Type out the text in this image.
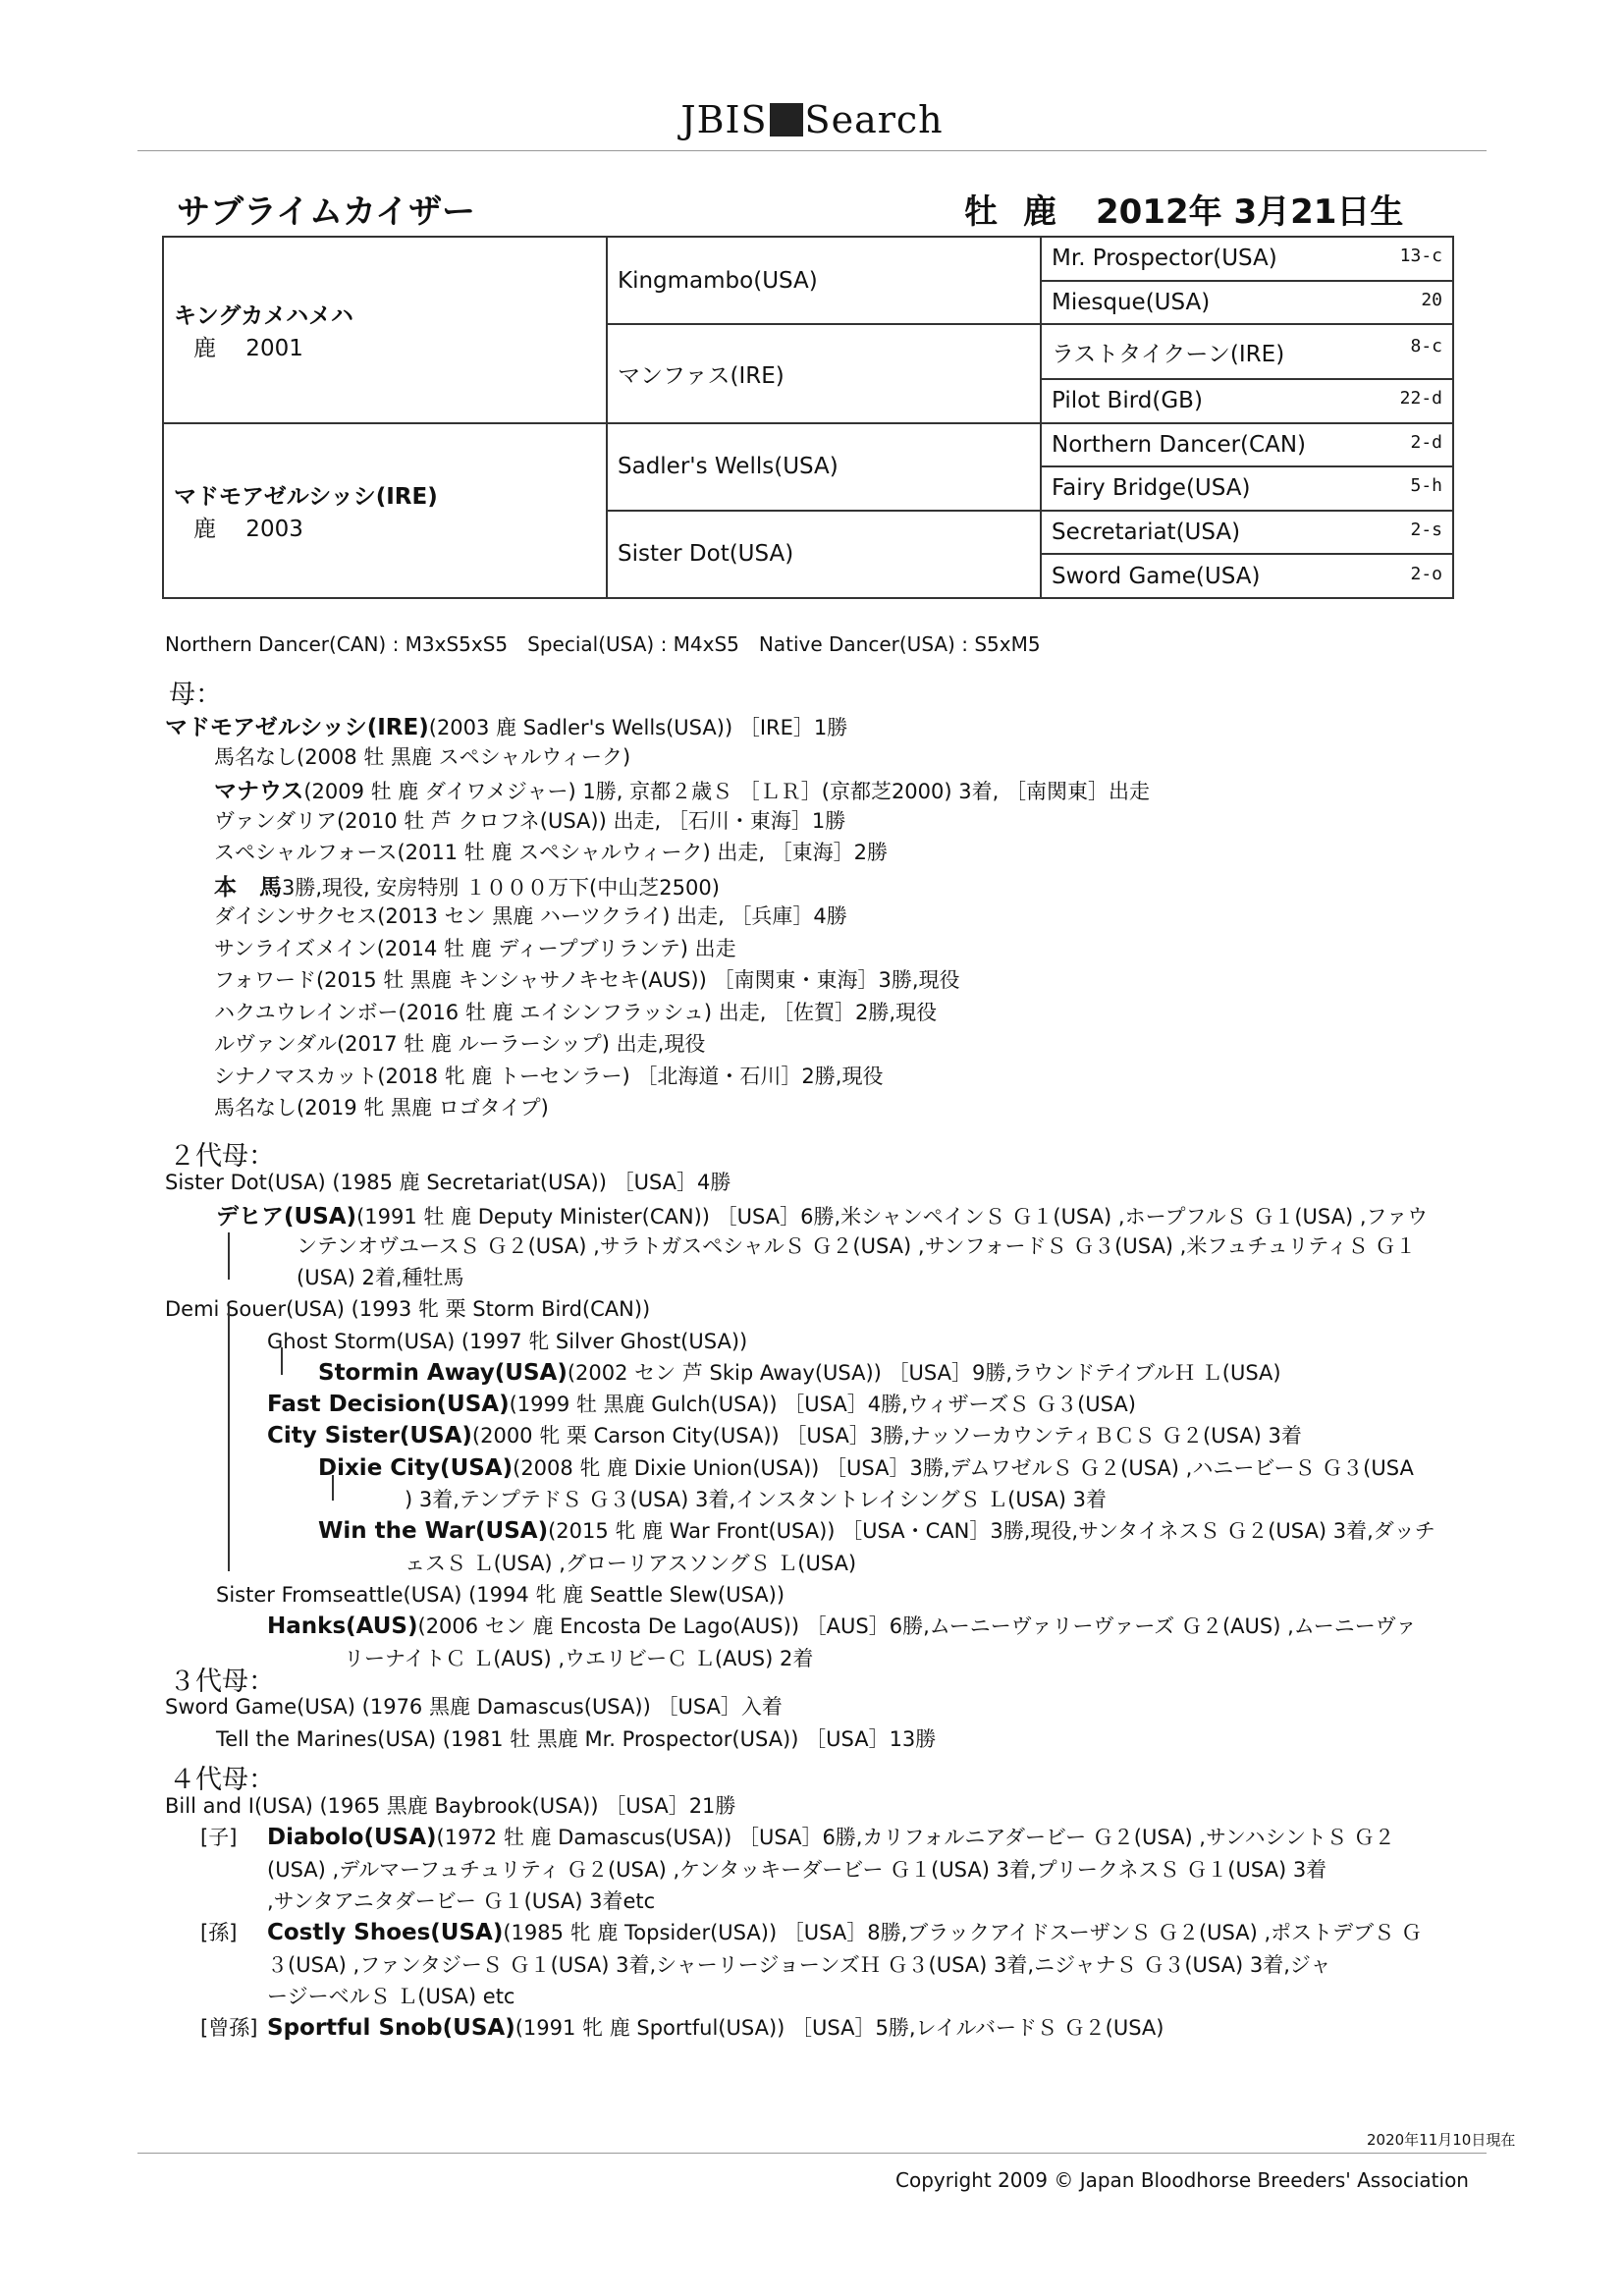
JBIS Search
サブライムカイザー	牡 鹿 2012年 3月21日生
キングカメハメハ
鹿　 2001	Kingmambo(USA)	Mr. Prospector(USA) 13-c

		Miesque(USA) 20

	マンファス(IRE)	ラストタイクーン(IRE) 8-c

		Pilot Bird(GB) 22-d

マドモアゼルシッシ(IRE)
鹿　 2003	Sadler's Wells(USA)	Northern Dancer(CAN) 2-d

		Fairy Bridge(USA) 5-h

	Sister Dot(USA)	Secretariat(USA) 2-s

		Sword Game(USA) 2-o
Northern Dancer(CAN) : M3xS5xS5　Special(USA) : M4xS5　Native Dancer(USA) : S5xM5
母：
マドモアゼルシッシ(IRE)(2003 鹿 Sadler's Wells(USA)) ［IRE］1勝
馬名なし(2008 牡 黒鹿 スペシャルウィーク)
マナウス(2009 牡 鹿 ダイワメジャー) 1勝, 京都２歳Ｓ ［ＬＲ］(京都芝2000) 3着, ［南関東］出走
ヴァンダリア(2010 牡 芦 クロフネ(USA)) 出走, ［石川・東海］1勝
スペシャルフォース(2011 牡 鹿 スペシャルウィーク) 出走, ［東海］2勝
本　馬3勝,現役, 安房特別 １０００万下(中山芝2500)
ダイシンサクセス(2013 セン 黒鹿 ハーツクライ) 出走, ［兵庫］4勝
サンライズメイン(2014 牡 鹿 ディープブリランテ) 出走
フォワード(2015 牡 黒鹿 キンシャサノキセキ(AUS)) ［南関東・東海］3勝,現役
ハクユウレインボー(2016 牡 鹿 エイシンフラッシュ) 出走, ［佐賀］2勝,現役
ルヴァンダル(2017 牡 鹿 ルーラーシップ) 出走,現役
シナノマスカット(2018 牝 鹿 トーセンラー) ［北海道・石川］2勝,現役
馬名なし(2019 牝 黒鹿 ロゴタイプ)
２代母：
Sister Dot(USA) (1985 鹿 Secretariat(USA)) ［USA］4勝
デヒア(USA)(1991 牡 鹿 Deputy Minister(CAN)) ［USA］6勝,米シャンペインＳ Ｇ１(USA) ,ホープフルＳ Ｇ１(USA) ,ファウ
ンテンオヴユースＳ Ｇ２(USA) ,サラトガスペシャルＳ Ｇ２(USA) ,サンフォードＳ Ｇ３(USA) ,米フュチュリティＳ Ｇ１
(USA) 2着,種牡馬
Demi Souer(USA) (1993 牝 栗 Storm Bird(CAN))
Ghost Storm(USA) (1997 牝 Silver Ghost(USA))
Stormin Away(USA)(2002 セン 芦 Skip Away(USA)) ［USA］9勝,ラウンドテイブルＨ Ｌ(USA)
Fast Decision(USA)(1999 牡 黒鹿 Gulch(USA)) ［USA］4勝,ウィザーズＳ Ｇ３(USA)
City Sister(USA)(2000 牝 栗 Carson City(USA)) ［USA］3勝,ナッソーカウンティＢＣＳ Ｇ２(USA) 3着
Dixie City(USA)(2008 牝 鹿 Dixie Union(USA)) ［USA］3勝,デムワゼルＳ Ｇ２(USA) ,ハニービーＳ Ｇ３(USA
) 3着,テンプテドＳ Ｇ３(USA) 3着,インスタントレイシングＳ Ｌ(USA) 3着
Win the War(USA)(2015 牝 鹿 War Front(USA)) ［USA・CAN］3勝,現役,サンタイネスＳ Ｇ２(USA) 3着,ダッチ
ェスＳ Ｌ(USA) ,グローリアスソングＳ Ｌ(USA)
Sister Fromseattle(USA) (1994 牝 鹿 Seattle Slew(USA))
Hanks(AUS)(2006 セン 鹿 Encosta De Lago(AUS)) ［AUS］6勝,ムーニーヴァリーヴァーズ Ｇ２(AUS) ,ムーニーヴァ
リーナイトＣ Ｌ(AUS) ,ウエリビーＣ Ｌ(AUS) 2着
３代母：
Sword Game(USA) (1976 黒鹿 Damascus(USA)) ［USA］入着
Tell the Marines(USA) (1981 牡 黒鹿 Mr. Prospector(USA)) ［USA］13勝
４代母：
Bill and I(USA) (1965 黒鹿 Baybrook(USA)) ［USA］21勝
[子] Diabolo(USA)(1972 牡 鹿 Damascus(USA)) ［USA］6勝,カリフォルニアダービー Ｇ２(USA) ,サンハシントＳ Ｇ２
(USA) ,デルマーフュチュリティ Ｇ２(USA) ,ケンタッキーダービー Ｇ１(USA) 3着,プリークネスＳ Ｇ１(USA) 3着
,サンタアニタダービー Ｇ１(USA) 3着etc
[孫] Costly Shoes(USA)(1985 牝 鹿 Topsider(USA)) ［USA］8勝,ブラックアイドスーザンＳ Ｇ２(USA) ,ポストデブＳ Ｇ
３(USA) ,ファンタジーＳ Ｇ１(USA) 3着,シャーリージョーンズＨ Ｇ３(USA) 3着,ニジャナＳ Ｇ３(USA) 3着,ジャ
ージーベルＳ Ｌ(USA) etc
[曾孫] Sportful Snob(USA)(1991 牝 鹿 Sportful(USA)) ［USA］5勝,レイルバードＳ Ｇ２(USA)
2020年11月10日現在
Copyright 2009 © Japan Bloodhorse Breeders' Association
